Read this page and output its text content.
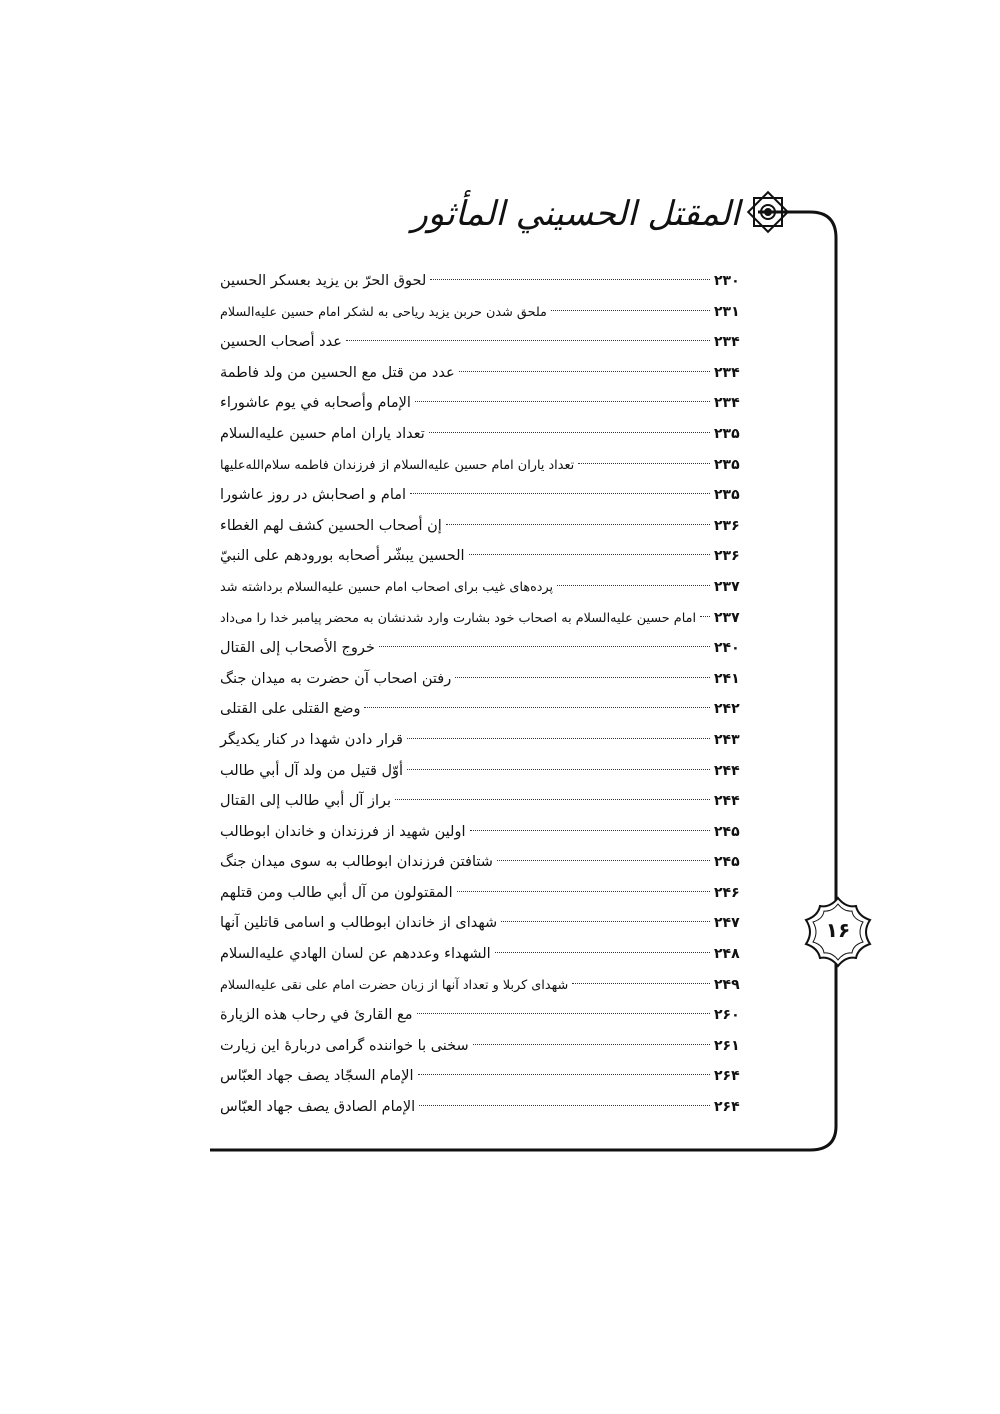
المقتل الحسيني المأثور
لحوق الحرّ بن يزيد بعسكر الحسين	۲۳۰
ملحق شدن حربن يزيد رياحی به لشکر امام حسين عليه‌السلام	۲۳۱
عدد أصحاب الحسين	۲۳۴
عدد من قتل مع الحسين من ولد فاطمة	۲۳۴
الإمام وأصحابه في يوم عاشوراء	۲۳۴
تعداد ياران امام حسين عليه‌السلام	۲۳۵
تعداد ياران امام حسين عليه‌السلام از فرزندان فاطمه سلام‌الله‌عليها	۲۳۵
امام و اصحابش در روز عاشورا	۲۳۵
إن أصحاب الحسين كشف لهم الغطاء	۲۳۶
الحسين يبشّر أصحابه بورودهم على النبيّ	۲۳۶
پرده‌های غيب برای اصحاب امام حسين عليه‌السلام برداشته شد	۲۳۷
امام حسين عليه‌السلام به اصحاب خود بشارت وارد شدنشان به محضر پيامبر خدا را می‌داد ۲۳۷
خروج الأصحاب إلى القتال	۲۴۰
رفتن اصحاب آن حضرت به ميدان جنگ	۲۴۱
وضع القتلى على القتلى	۲۴۲
قرار دادن شهدا در كنار يكديگر	۲۴۳
أوّل قتيل من ولد آل أبي طالب	۲۴۴
براز آل أبي طالب إلى القتال	۲۴۴
اولين شهيد از فرزندان و خاندان ابوطالب	۲۴۵
شتافتن فرزندان ابوطالب به سوی ميدان جنگ	۲۴۵
المقتولون من آل أبي طالب ومن قتلهم	۲۴۶
شهدای از خاندان ابوطالب و اسامی قاتلين آنها	۲۴۷
الشهداء وعددهم عن لسان الهادي عليه‌السلام	۲۴۸
شهدای كربلا و تعداد آنها از زبان حضرت امام علی نقی عليه‌السلام	۲۴۹
مع القارئ في رحاب هذه الزيارة	۲۶۰
سخنی با خواننده گرامی دربارهٔ اين زيارت	۲۶۱
الإمام السجّاد يصف جهاد العبّاس	۲۶۴
الإمام الصادق يصف جهاد العبّاس	۲۶۴
۱۶
